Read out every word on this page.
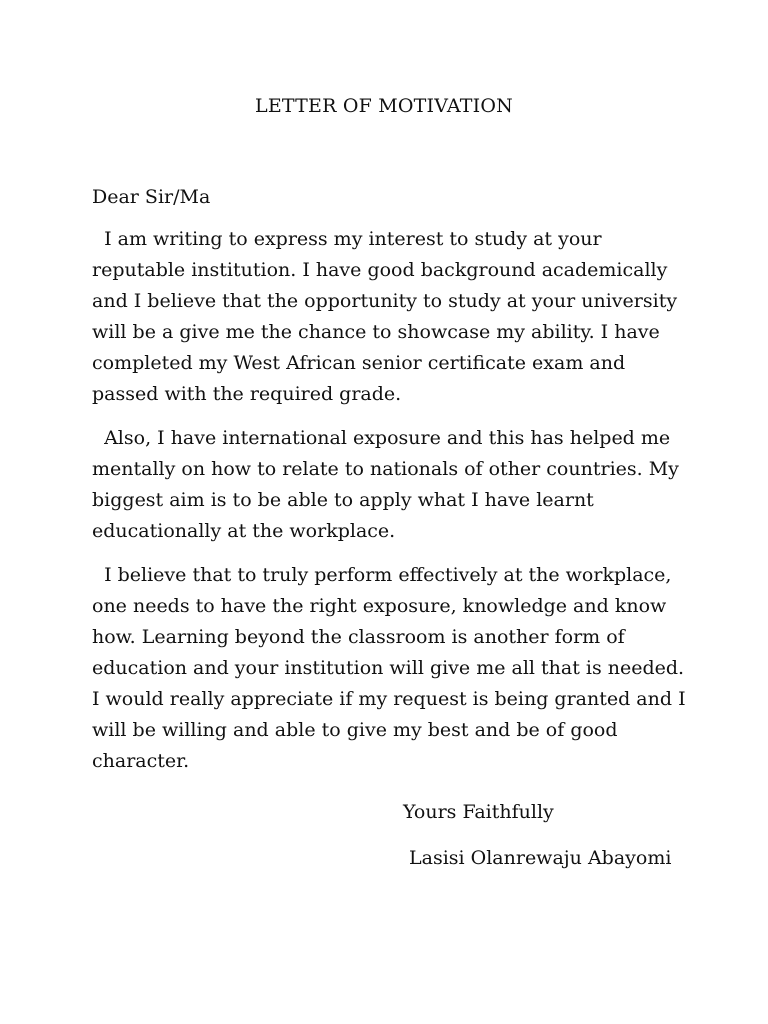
LETTER OF MOTIVATION
Dear Sir/Ma
I am writing to express my interest to study at your
reputable institution. I have good background academically
and I believe that the opportunity to study at your university
will be a give me the chance to showcase my ability. I have
completed my West African senior certificate exam and
passed with the required grade.
Also, I have international exposure and this has helped me
mentally on how to relate to nationals of other countries. My
biggest aim is to be able to apply what I have learnt
educationally at the workplace.
I believe that to truly perform effectively at the workplace,
one needs to have the right exposure, knowledge and know
how. Learning beyond the classroom is another form of
education and your institution will give me all that is needed.
I would really appreciate if my request is being granted and I
will be willing and able to give my best and be of good
character.
Yours Faithfully
Lasisi Olanrewaju Abayomi
